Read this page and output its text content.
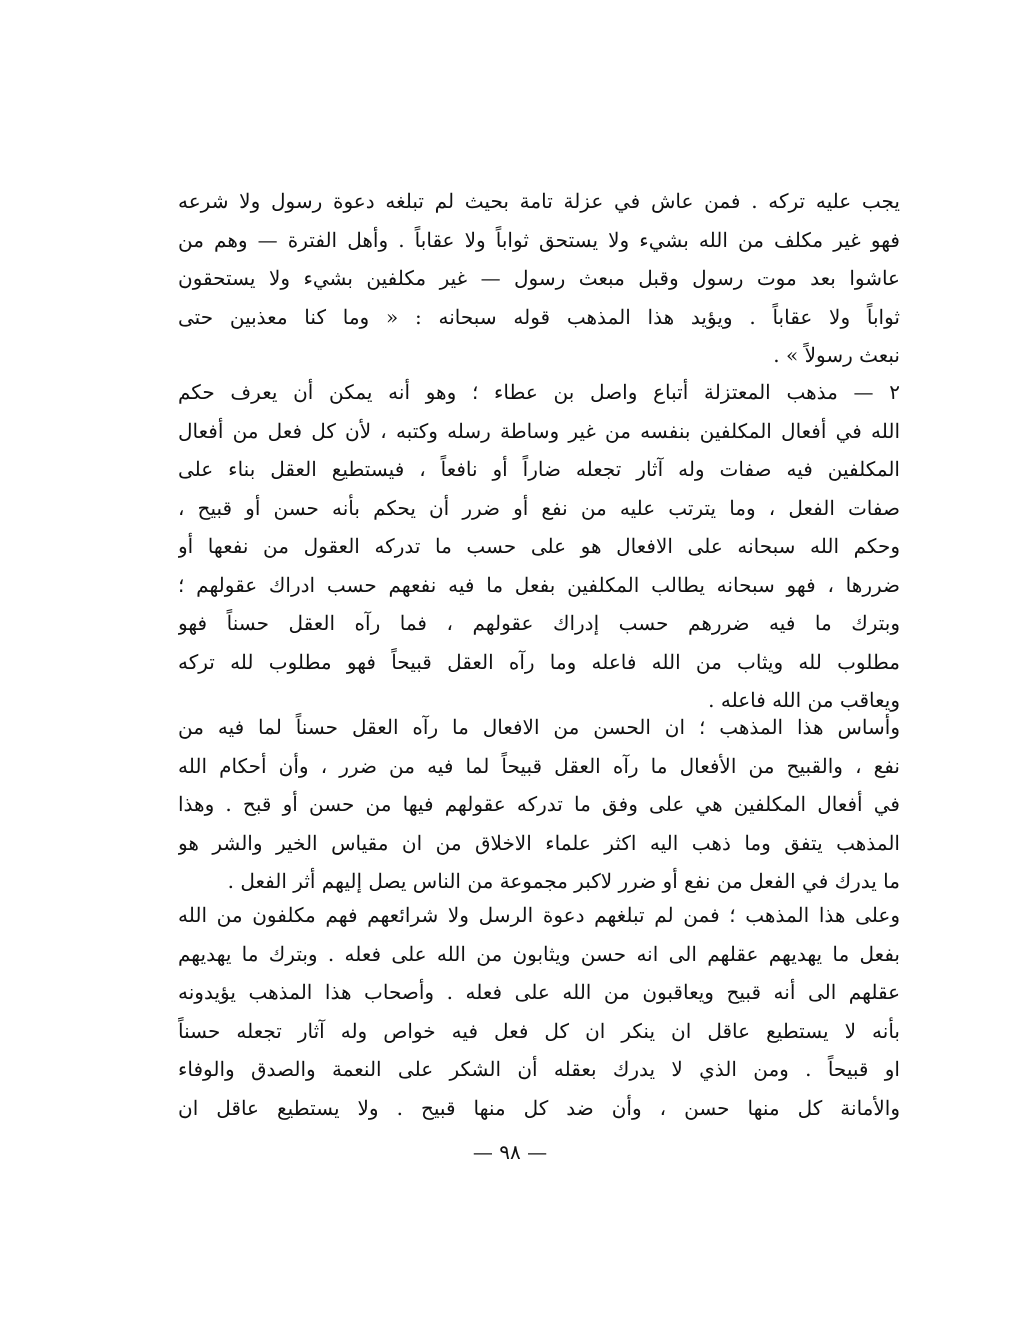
يجب عليه تركه . فمن عاش في عزلة تامة بحيث لم تبلغه دعوة رسول ولا شرعه
فهو غير مكلف من الله بشيء ولا يستحق ثواباً ولا عقاباً . وأهل الفترة — وهم من
عاشوا بعد موت رسول وقبل مبعث رسول — غير مكلفين بشيء ولا يستحقون
ثواباً ولا عقاباً . ويؤيد هذا المذهب قوله سبحانه : « وما كنا معذبين حتى
نبعث رسولاً » .
٢ — مذهب المعتزلة أتباع واصل بن عطاء ؛ وهو أنه يمكن أن يعرف حكم
الله في أفعال المكلفين بنفسه من غير وساطة رسله وكتبه ، لأن كل فعل من أفعال
المكلفين فيه صفات وله آثار تجعله ضاراً أو نافعاً ، فيستطيع العقل بناء على
صفات الفعل ، وما يترتب عليه من نفع أو ضرر أن يحكم بأنه حسن أو قبيح ،
وحكم الله سبحانه على الافعال هو على حسب ما تدركه العقول من نفعها أو
ضررها ، فهو سبحانه يطالب المكلفين بفعل ما فيه نفعهم حسب ادراك عقولهم ؛
وبترك ما فيه ضررهم حسب إدراك عقولهم ، فما رآه العقل حسناً فهو
مطلوب لله ويثاب من الله فاعله وما رآه العقل قبيحاً فهو مطلوب لله تركه
ويعاقب من الله فاعله .
وأساس هذا المذهب ؛ ان الحسن من الافعال ما رآه العقل حسناً لما فيه من
نفع ، والقبيح من الأفعال ما رآه العقل قبيحاً لما فيه من ضرر ، وأن أحكام الله
في أفعال المكلفين هي على وفق ما تدركه عقولهم فيها من حسن أو قبح . وهذا
المذهب يتفق وما ذهب اليه اكثر علماء الاخلاق من ان مقياس الخير والشر هو
ما يدرك في الفعل من نفع أو ضرر لاكبر مجموعة من الناس يصل إليهم أثر الفعل .
وعلى هذا المذهب ؛ فمن لم تبلغهم دعوة الرسل ولا شرائعهم فهم مكلفون من الله
بفعل ما يهديهم عقلهم الى انه حسن ويثابون من الله على فعله . وبترك ما يهديهم
عقلهم الى أنه قبيح ويعاقبون من الله على فعله . وأصحاب هذا المذهب يؤيدونه
بأنه لا يستطيع عاقل ان ينكر ان كل فعل فيه خواص وله آثار تجعله حسناً
او قبيحاً . ومن الذي لا يدرك بعقله أن الشكر على النعمة والصدق والوفاء
والأمانة كل منها حسن ، وأن ضد كل منها قبيح . ولا يستطيع عاقل ان
— ٩٨ —
